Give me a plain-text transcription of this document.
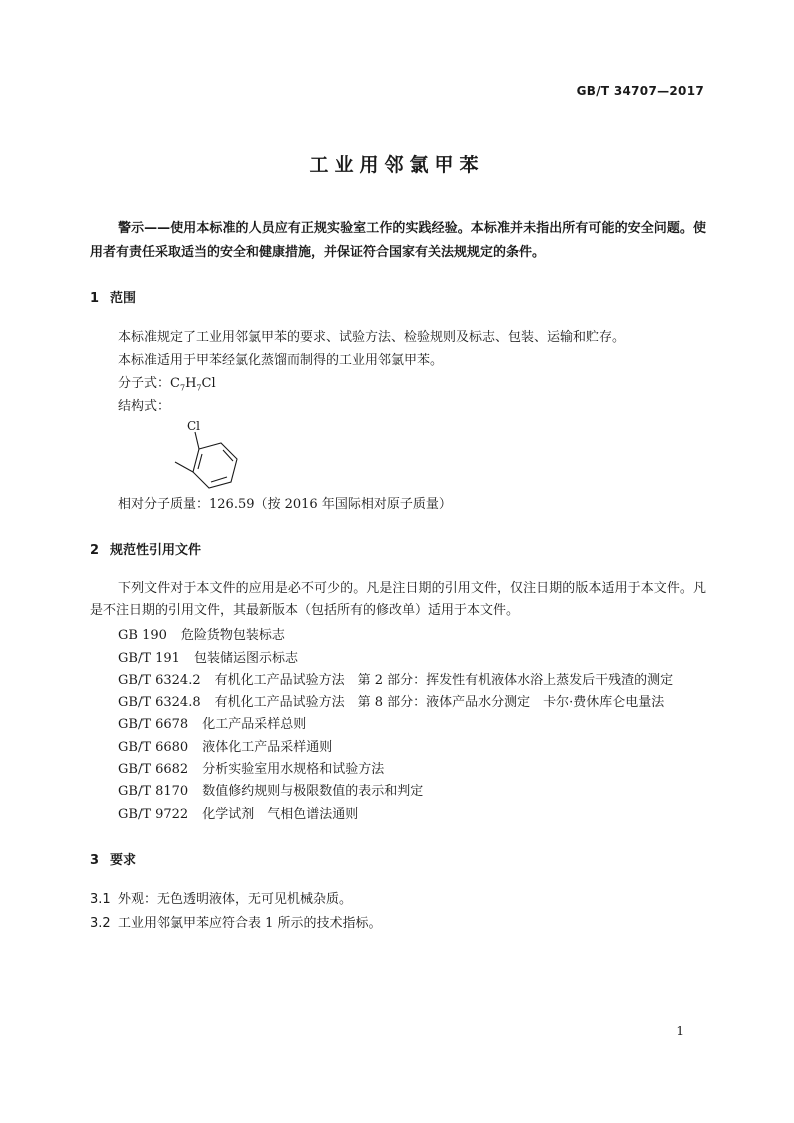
GB/T 34707—2017
工业用邻氯甲苯
警示——使用本标准的人员应有正规实验室工作的实践经验。本标准并未指出所有可能的安全问题。使用者有责任采取适当的安全和健康措施，并保证符合国家有关法规规定的条件。
1 范围
本标准规定了工业用邻氯甲苯的要求、试验方法、检验规则及标志、包装、运输和贮存。
本标准适用于甲苯经氯化蒸馏而制得的工业用邻氯甲苯。
分子式：$C_7H_7Cl$
结构式：
Cl
相对分子质量：126.59（按 2016 年国际相对原子质量）
2 规范性引用文件
下列文件对于本文件的应用是必不可少的。凡是注日期的引用文件，仅注日期的版本适用于本文件。凡是不注日期的引用文件，其最新版本（包括所有的修改单）适用于本文件。
GB 190 危险货物包装标志
GB/T 191 包装储运图示标志
GB/T 6324.2 有机化工产品试验方法　第 2 部分：挥发性有机液体水浴上蒸发后干残渣的测定
GB/T 6324.8 有机化工产品试验方法　第 8 部分：液体产品水分测定　卡尔·费休库仑电量法
GB/T 6678 化工产品采样总则
GB/T 6680 液体化工产品采样通则
GB/T 6682 分析实验室用水规格和试验方法
GB/T 8170 数值修约规则与极限数值的表示和判定
GB/T 9722 化学试剂　气相色谱法通则
3 要求
3.1 外观：无色透明液体，无可见机械杂质。
3.2 工业用邻氯甲苯应符合表 1 所示的技术指标。
1
